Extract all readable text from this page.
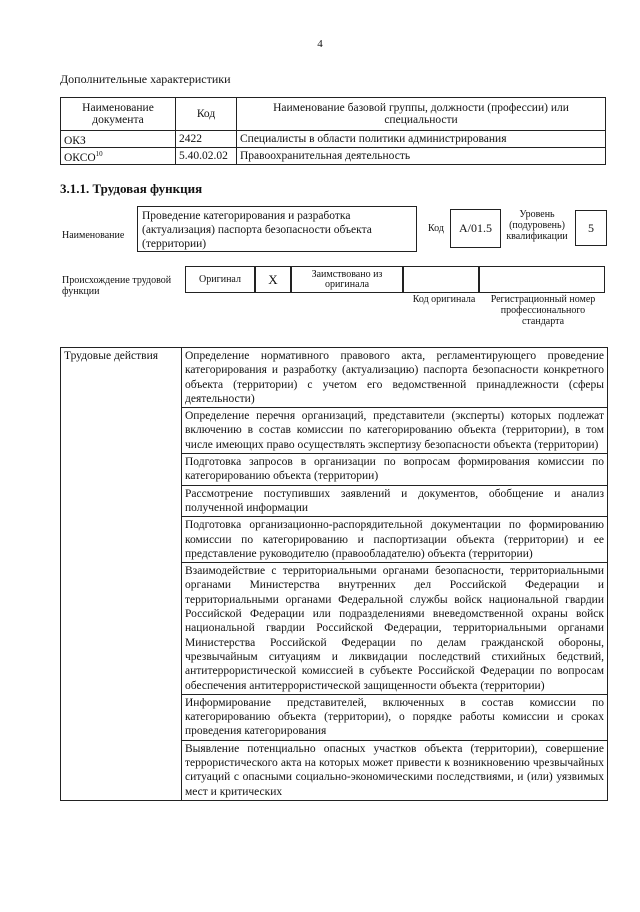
4
Дополнительные характеристики
Наименование документа	Код	Наименование базовой группы, должности (профессии) или специальности
ОКЗ	2422	Специалисты в области политики администрирования
ОКСО$^{10}$	5.40.02.02	Правоохранительная деятельность
3.1.1. Трудовая функция
Наименование
Проведение категорирования и разработка (актуализация) паспорта безопасности объекта (территории)
Код	А/01.5
Уровень (подуровень) квалификации
5
Происхождение трудовой функции
Оригинал	X	Заимствовано из оригинала
Код оригинала	Регистрационный номер профессионального стандарта
Трудовые действия	Определение нормативного правового акта, регламентирующего проведение категорирования и разработку (актуализацию) паспорта безопасности конкретного объекта (территории) с учетом его ведомственной принадлежности (сферы деятельности)
Определение перечня организаций, представители (эксперты) которых подлежат включению в состав комиссии по категорированию объекта (территории), в том числе имеющих право осуществлять экспертизу безопасности объекта (территории)
Подготовка запросов в организации по вопросам формирования комиссии по категорированию объекта (территории)
Рассмотрение поступивших заявлений и документов, обобщение и анализ полученной информации
Подготовка организационно-распорядительной документации по формированию комиссии по категорированию и паспортизации объекта (территории) и ее представление руководителю (правообладателю) объекта (территории)
Взаимодействие с территориальными органами безопасности, территориальными органами Министерства внутренних дел Российской Федерации и территориальными органами Федеральной службы войск национальной гвардии Российской Федерации или подразделениями вневедомственной охраны войск национальной гвардии Российской Федерации, территориальными органами Министерства Российской Федерации по делам гражданской обороны, чрезвычайным ситуациям и ликвидации последствий стихийных бедствий, антитеррористической комиссией в субъекте Российской Федерации по вопросам обеспечения антитеррористической защищенности объекта (территории)
Информирование представителей, включенных в состав комиссии по категорированию объекта (территории), о порядке работы комиссии и сроках проведения категорирования
Выявление потенциально опасных участков объекта (территории), совершение террористического акта на которых может привести к возникновению чрезвычайных ситуаций с опасными социально-экономическими последствиями, и (или) уязвимых мест и критических
